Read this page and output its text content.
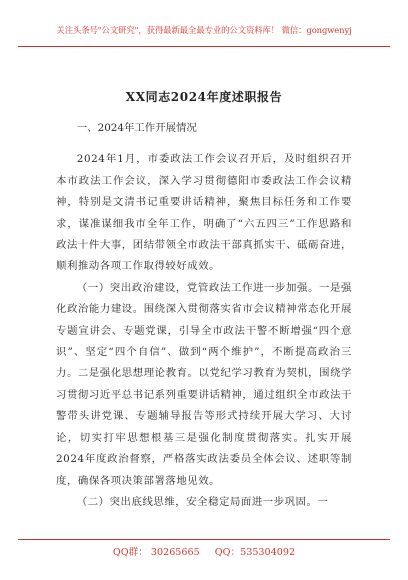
关注头条号"公文研究"，获得最新最全最专业的公文资料库！ 微信：gongwenyj
XX同志2024年度述职报告

一、2024年工作开展情况

2024年1月，市委政法工作会议召开后，及时组织召开本市政法工作会议，深入学习贯彻德阳市委政法工作会议精神，特别是文清书记重要讲话精神，聚焦目标任务和工作要求，谋准谋细我市全年工作，明确了“六五四三”工作思路和政法十件大事，团结带领全市政法干部真抓实干、砥砺奋进，顺利推动各项工作取得较好成效。

（一）突出政治建设，党管政法工作进一步加强。一是强化政治能力建设。围绕深入贯彻落实省市会议精神常态化开展专题宣讲会、专题党课，引导全市政法干警不断增强“四个意识”、坚定“四个自信”、做到“两个维护”，不断提高政治三力。二是强化思想理论教育。以党纪学习教育为契机，围绕学习贯彻习近平总书记系列重要讲话精神，通过组织全市政法干警带头讲党课、专题辅导报告等形式持续开展大学习、大讨论，切实打牢思想根基三是强化制度贯彻落实。扎实开展2024年度政治督察，严格落实政法委员全体会议、述职等制度，确保各项决策部署落地见效。

（二）突出底线思维，安全稳定局面进一步巩固。一

QQ群： 30265665 QQ：535304092
